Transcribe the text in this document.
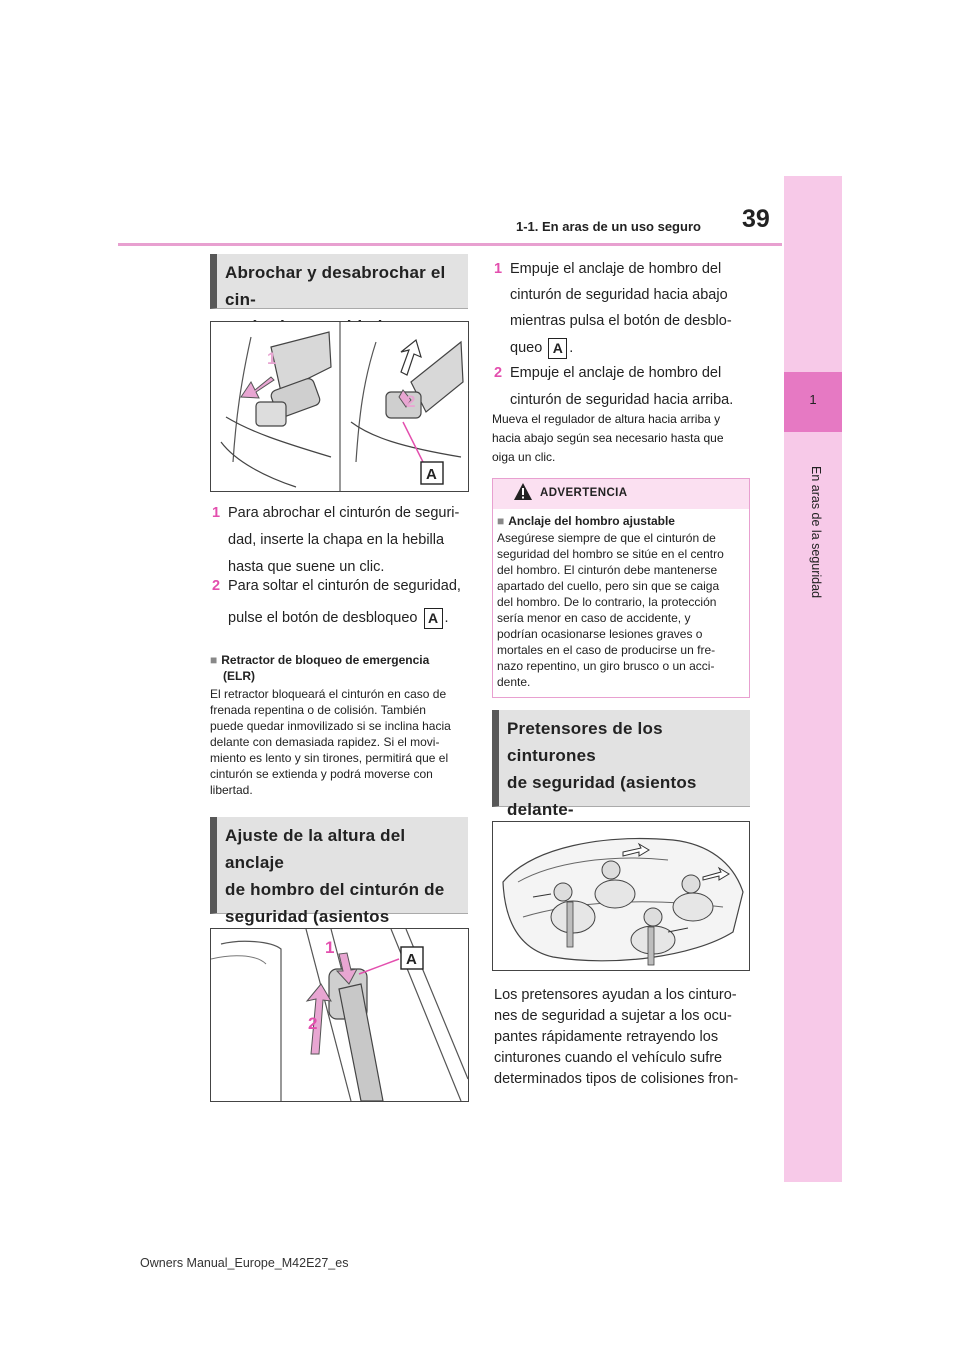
39
1-1. En aras de un uso seguro
1
En aras de la seguridad
Abrochar y desabrochar el cin-
1
2
A
1 Para abrochar el cinturón de seguri-
dad, inserte la chapa en la hebilla
hasta que suene un clic.
2 Para soltar el cinturón de seguridad,
pulse el botón de desbloqueo A .
■ Retractor de bloqueo de emergencia
(ELR)
El retractor bloqueará el cinturón en caso de
frenada repentina o de colisión. También
puede quedar inmovilizado si se inclina hacia
delante con demasiada rapidez. Si el movi-
miento es lento y sin tirones, permitirá que el
cinturón se extienda y podrá moverse con
libertad.
Ajuste de la altura del anclaje
de hombro del cinturón de
seguridad (asientos
1
2
A
1 Empuje el anclaje de hombro del
cinturón de seguridad hacia abajo
mientras pulsa el botón de desblo-
queo A .
2 Empuje el anclaje de hombro del
cinturón de seguridad hacia arriba.
Mueva el regulador de altura hacia arriba y
hacia abajo según sea necesario hasta que
oiga un clic.
ADVERTENCIA
■ Anclaje del hombro ajustable
Asegúrese siempre de que el cinturón de
seguridad del hombro se sitúe en el centro
del hombro. El cinturón debe mantenerse
apartado del cuello, pero sin que se caiga
del hombro. De lo contrario, la protección
sería menor en caso de accidente, y
podrían ocasionarse lesiones graves o
mortales en el caso de producirse un fre-
nazo repentino, un giro brusco o un acci-
dente.
Pretensores de los cinturones
de seguridad (asientos delante-
Los pretensores ayudan a los cinturo-
nes de seguridad a sujetar a los ocu-
pantes rápidamente retrayendo los
cinturones cuando el vehículo sufre
determinados tipos de colisiones fron-
Owners Manual_Europe_M42E27_es
